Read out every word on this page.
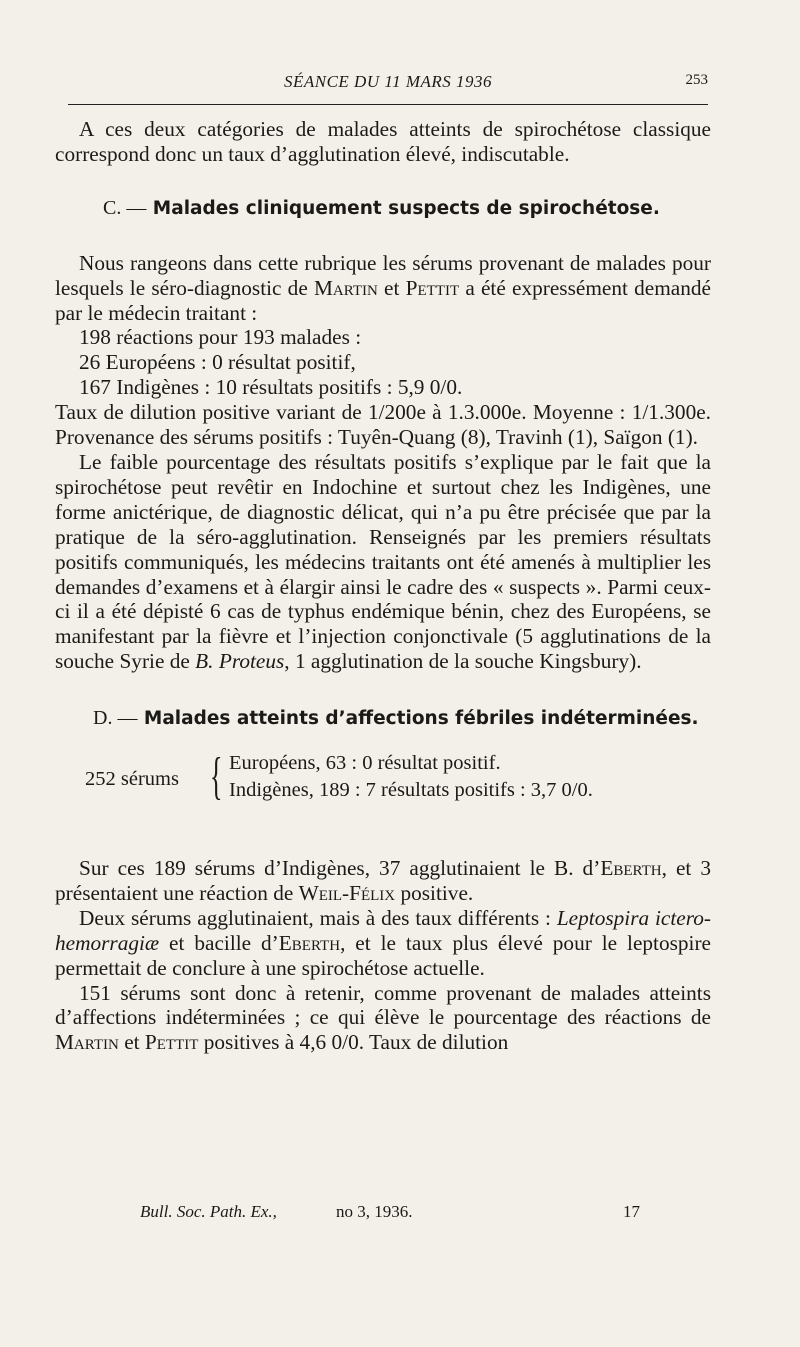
SÉANCE DU 11 MARS 1936	253

A ces deux catégories de malades atteints de spirochétose classique correspond donc un taux d’agglutination élevé, indiscutable.

C. — Malades cliniquement suspects de spirochétose.

Nous rangeons dans cette rubrique les sérums provenant de malades pour lesquels le séro-diagnostic de Martin et Pettit a été expressément demandé par le médecin traitant :

198 réactions pour 193 malades :

26 Européens : 0 résultat positif,

167 Indigènes : 10 résultats positifs : 5,9 0/0.

Taux de dilution positive variant de 1/200e à 1.3.000e. Moyenne : 1/1.300e. Provenance des sérums positifs : Tuyên-Quang (8), Travinh (1), Saïgon (1).

Le faible pourcentage des résultats positifs s’explique par le fait que la spirochétose peut revêtir en Indochine et surtout chez les Indigènes, une forme anictérique, de diagnostic délicat, qui n’a pu être précisée que par la pratique de la séro-agglutination. Renseignés par les premiers résultats positifs communiqués, les médecins traitants ont été amenés à multiplier les demandes d’examens et à élargir ainsi le cadre des « suspects ». Parmi ceux-ci il a été dépisté 6 cas de typhus endémique bénin, chez des Européens, se manifestant par la fièvre et l’injection conjonctivale (5 agglutinations de la souche Syrie de B. Proteus, 1 agglutination de la souche Kingsbury).

D. — Malades atteints d’affections fébriles indéterminées.
252 sérums { Européens, 63 : 0 résultat positif.
Indigènes, 189 : 7 résultats positifs : 3,7 0/0.

Sur ces 189 sérums d’Indigènes, 37 agglutinaient le B. d’Eberth, et 3 présentaient une réaction de Weil-Félix positive.

Deux sérums agglutinaient, mais à des taux différents : Leptospira ictero-hemorragiæ et bacille d’Eberth, et le taux plus élevé pour le leptospire permettait de conclure à une spirochétose actuelle.

151 sérums sont donc à retenir, comme provenant de malades atteints d’affections indéterminées ; ce qui élève le pourcentage des réactions de Martin et Pettit positives à 4,6 0/0. Taux de dilution

Bull. Soc. Path. Ex.,	no 3, 1936.	17
